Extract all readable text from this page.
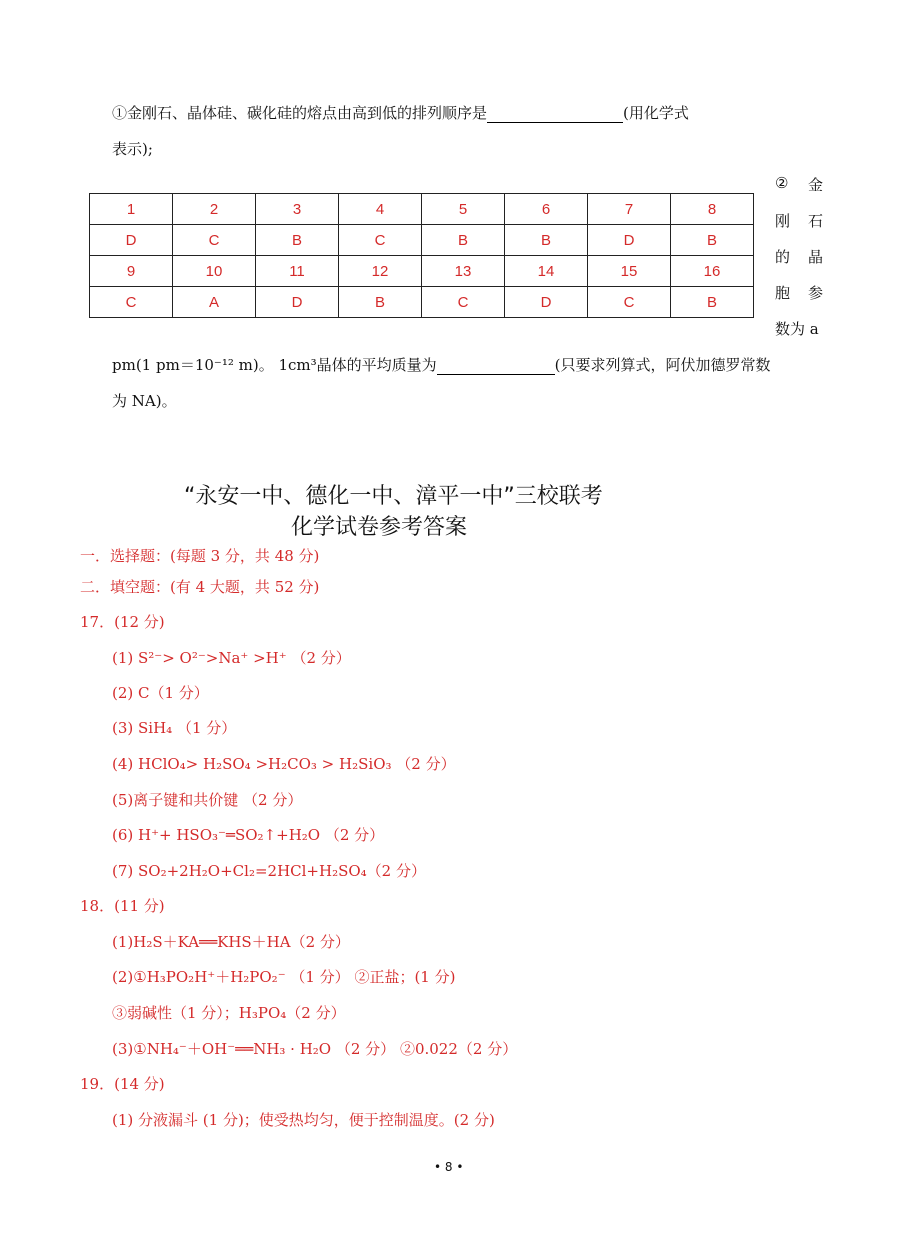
①金刚石、晶体硅、碳化硅的熔点由高到低的排列顺序是	(用化学式
表示);
1	2	3	4	5	6	7	8
D	C	B	C	B	B	D	B
9	10	11	12	13	14	15	16
C	A	D	B	C	D	C	B
② 金
刚 石
的 晶
胞 参
数为 a
pm(1 pm＝10⁻¹² m)。 1cm³晶体的平均质量为	(只要求列算式，阿伏加德罗常数
为 NA)。
“永安一中、德化一中、漳平一中”三校联考
化学试卷参考答案
一．选择题：(每题 3 分，共 48 分)
二．填空题：(有 4 大题，共 52 分)
17．(12 分)
(1) S²⁻> O²⁻>Na⁺ >H⁺ （2 分）
(2) C（1 分）
(3) SiH₄ （1 分）
(4) HClO₄> H₂SO₄ >H₂CO₃ > H₂SiO₃ （2 分）
(5)离子键和共价键 （2 分）
(6) H⁺+ HSO₃⁻═SO₂↑+H₂O （2 分）
(7) SO₂+2H₂O+Cl₂=2HCl+H₂SO₄（2 分）
18．(11 分)
(1)H₂S＋KA══KHS＋HA（2 分）
(2)①H₃PO₂H⁺＋H₂PO₂⁻ （1 分） ②正盐；(1 分)
③弱碱性（1 分）；H₃PO₄（2 分）
(3)①NH₄⁻＋OH⁻══NH₃ · H₂O （2 分） ②0.022（2 分）
19．(14 分)
(1) 分液漏斗 (1 分)；使受热均匀，便于控制温度。(2 分)
• 8 •
